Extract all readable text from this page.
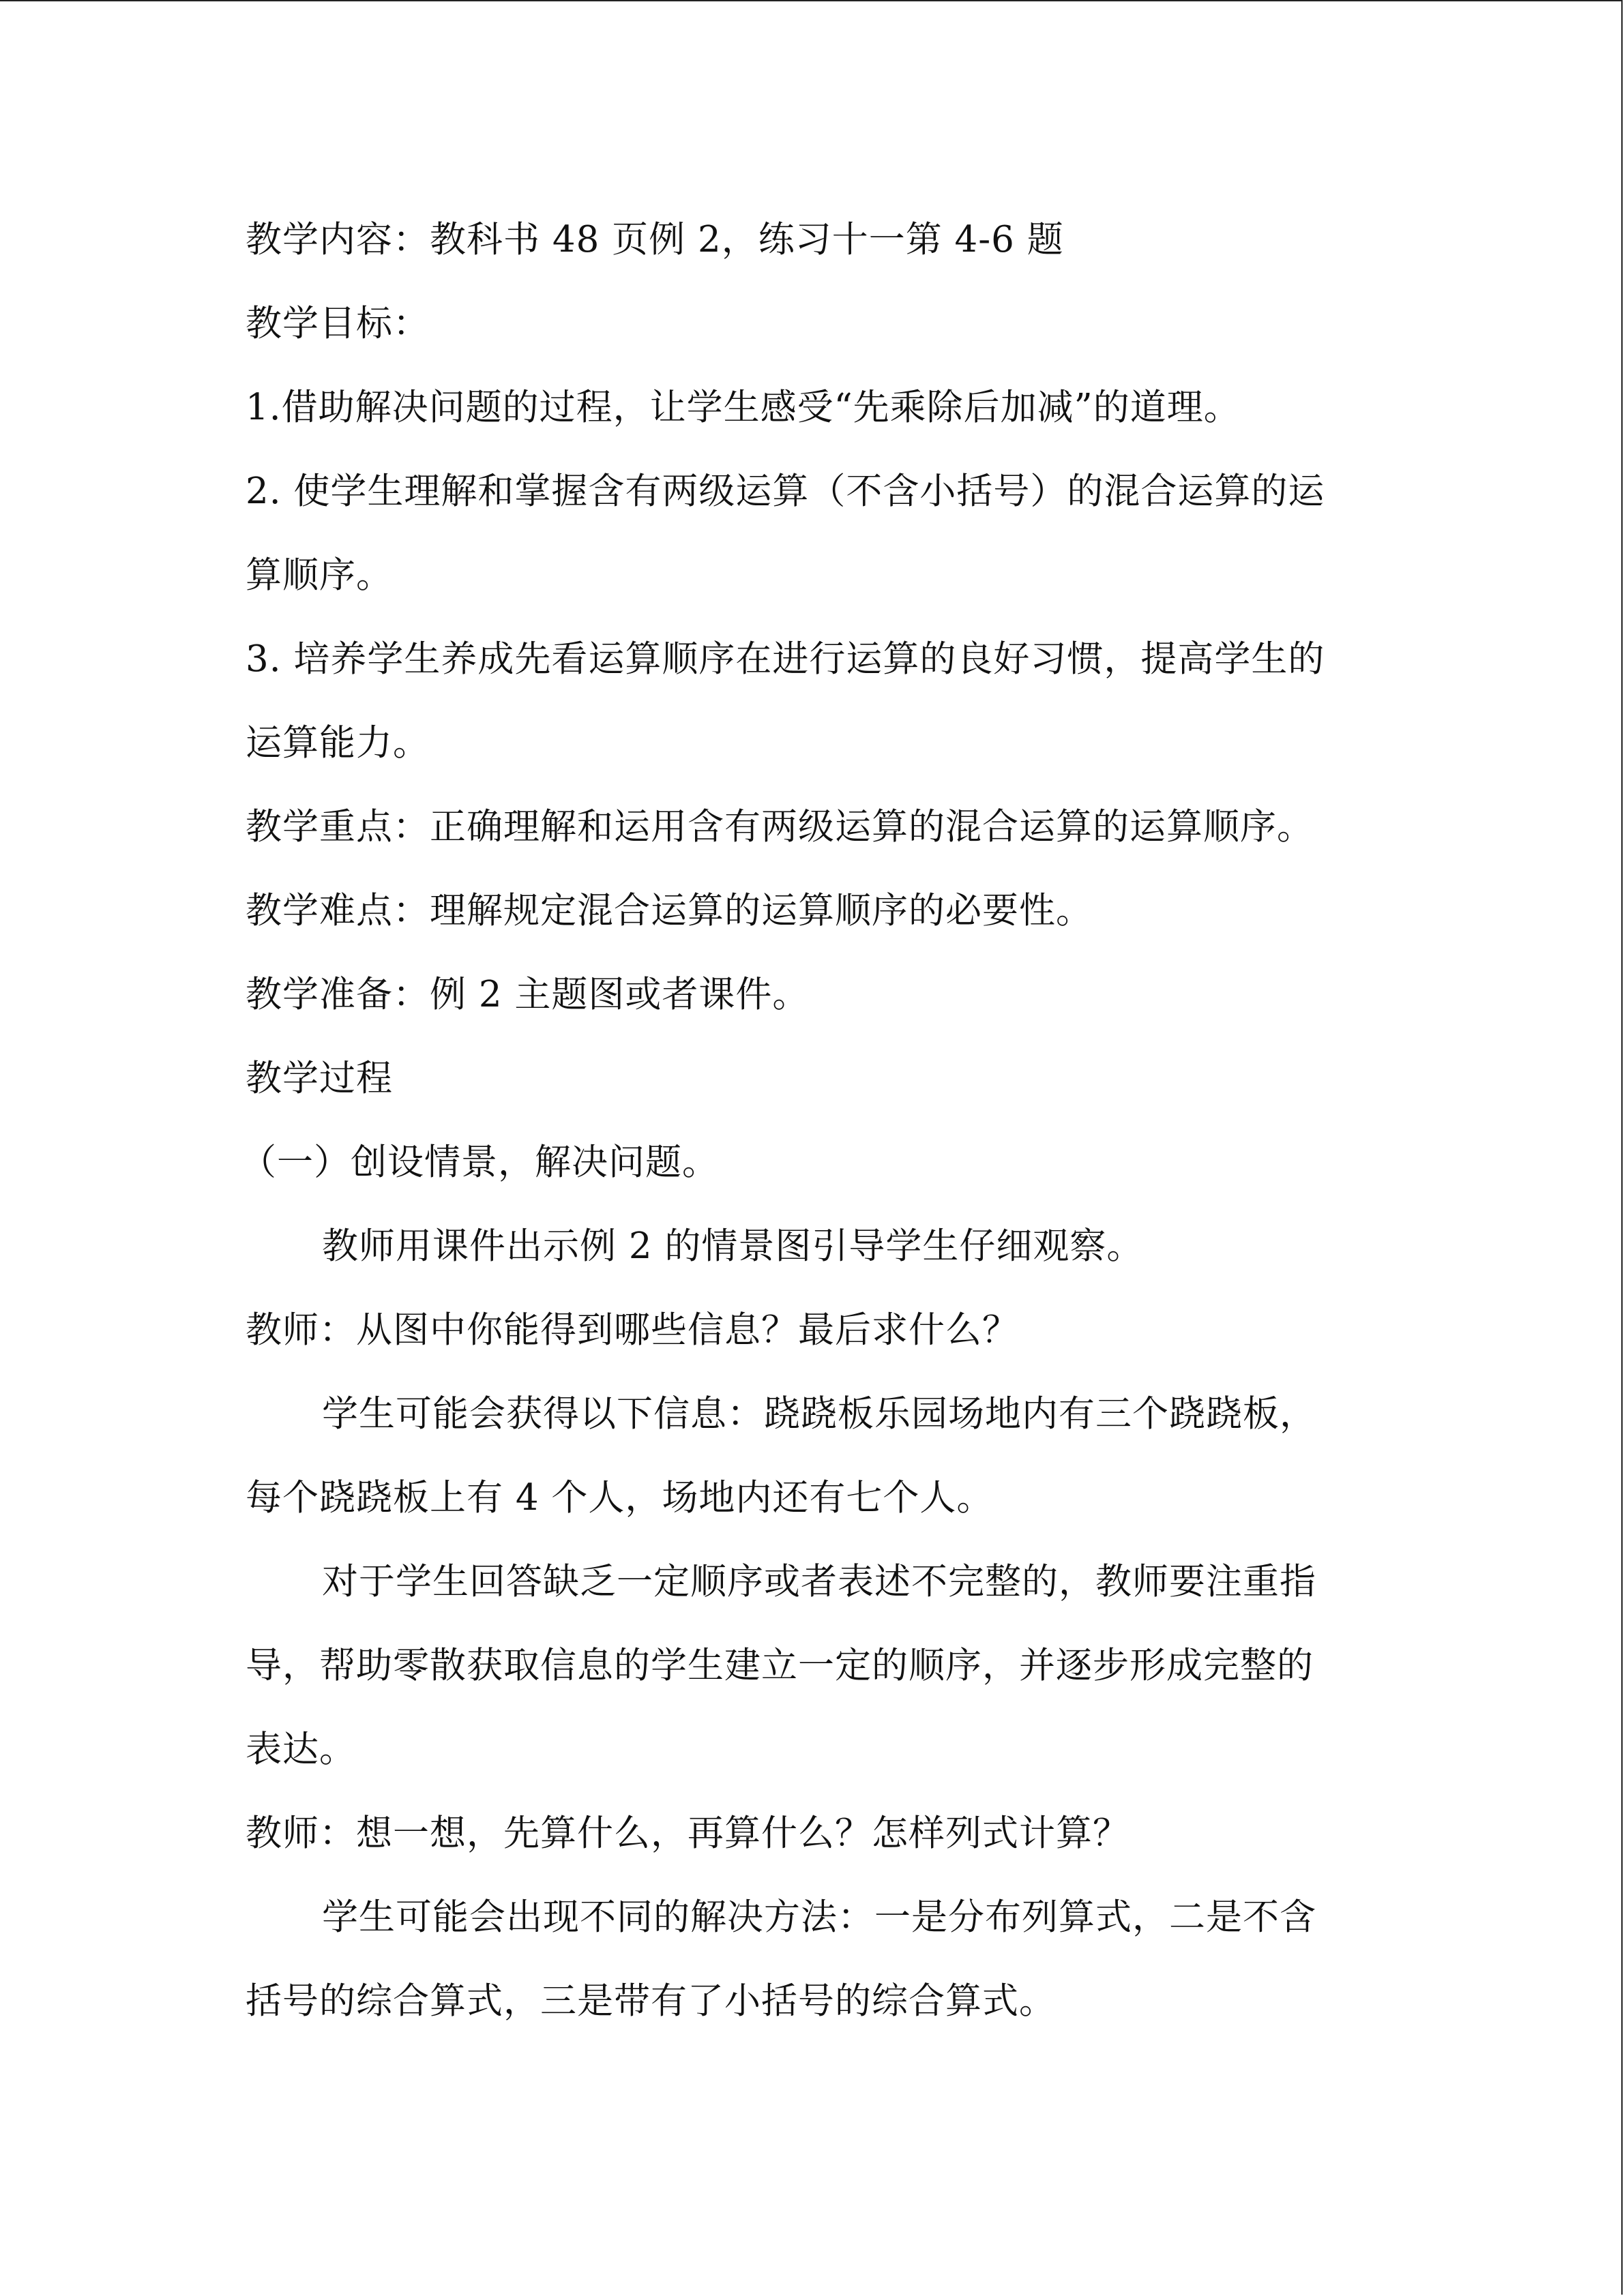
教学内容：教科书 48 页例 2，练习十一第 4-6 题
教学目标：
1.借助解决问题的过程，让学生感受“先乘除后加减”的道理。
2. 使学生理解和掌握含有两级运算（不含小括号）的混合运算的运
算顺序。
3. 培养学生养成先看运算顺序在进行运算的良好习惯，提高学生的
运算能力。
教学重点：正确理解和运用含有两级运算的混合运算的运算顺序。
教学难点：理解规定混合运算的运算顺序的必要性。
教学准备：例 2 主题图或者课件。
教学过程
（一）创设情景，解决问题。
教师用课件出示例 2 的情景图引导学生仔细观察。
教师：从图中你能得到哪些信息？最后求什么？
学生可能会获得以下信息：跷跷板乐园场地内有三个跷跷板，
每个跷跷板上有 4 个人，场地内还有七个人。
对于学生回答缺乏一定顺序或者表述不完整的，教师要注重指
导，帮助零散获取信息的学生建立一定的顺序，并逐步形成完整的
表达。
教师：想一想，先算什么，再算什么？怎样列式计算？
学生可能会出现不同的解决方法：一是分布列算式，二是不含
括号的综合算式，三是带有了小括号的综合算式。
